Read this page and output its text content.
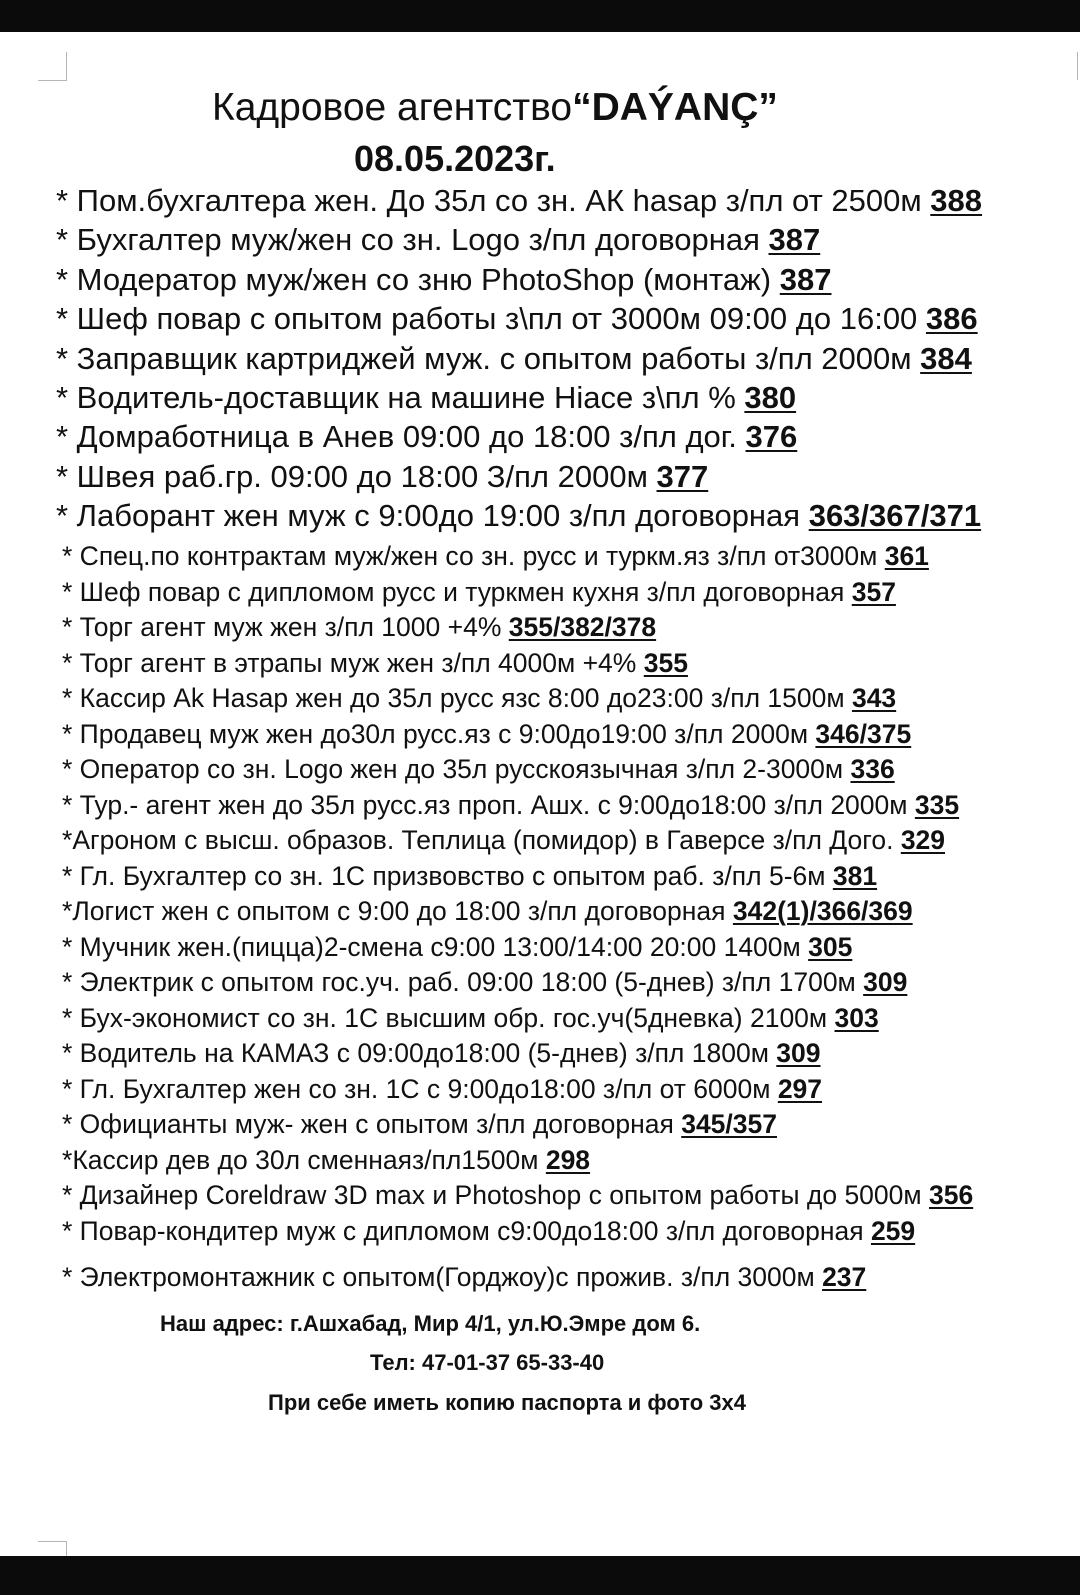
Кадровое агентство“DAÝANÇ”
08.05.2023г.
* Пом.бухгалтера жен. До 35л со зн. АК hasap з/пл от 2500м 388
* Бухгалтер муж/жен со зн. Logo з/пл договорная 387
* Модератор муж/жен со зню PhotoShop (монтаж) 387
* Шеф повар с опытом работы з\пл от 3000м 09:00 до 16:00 386
* Заправщик картриджей муж. с опытом работы з/пл 2000м 384
* Водитель-доставщик на машине Hiace з\пл % 380
* Домработница в Анев 09:00 до 18:00 з/пл дог. 376
* Швея раб.гр. 09:00 до 18:00 З/пл 2000м 377
* Лаборант жен муж с 9:00до 19:00 з/пл договорная 363/367/371
* Спец.по контрактам муж/жен со зн. русс и туркм.яз з/пл от3000м 361
* Шеф повар с дипломом русс и туркмен кухня з/пл договорная 357
* Торг агент муж жен з/пл 1000 +4% 355/382/378
* Торг агент в этрапы муж жен з/пл 4000м +4% 355
* Кассир Ak Hasap жен до 35л русс язс 8:00 до23:00 з/пл 1500м 343
* Продавец муж жен до30л русс.яз с 9:00до19:00 з/пл 2000м 346/375
* Оператор со зн. Logo жен до 35л русскоязычная з/пл 2-3000м 336
* Тур.- агент жен до 35л русс.яз проп. Ашх. с 9:00до18:00 з/пл 2000м 335
*Агроном с высш. образов. Теплица (помидор) в Гаверсе з/пл Дого. 329
* Гл. Бухгалтер со зн. 1С призвовство с опытом раб. з/пл 5-6м 381
*Логист жен с опытом с 9:00 до 18:00 з/пл договорная 342(1)/366/369
* Мучник жен.(пицца)2-смена с9:00 13:00/14:00 20:00 1400м 305
* Электрик с опытом гос.уч. раб. 09:00 18:00 (5-днев) з/пл 1700м 309
* Бух-экономист со зн. 1С высшим обр. гос.уч(5дневка) 2100м 303
* Водитель на КАМАЗ с 09:00до18:00 (5-днев) з/пл 1800м 309
* Гл. Бухгалтер жен со зн. 1С с 9:00до18:00 з/пл от 6000м 297
* Официанты муж- жен с опытом з/пл договорная 345/357
*Кассир дев до 30л сменнаяз/пл1500м 298
* Дизайнер Coreldraw 3D max и Photoshop с опытом работы до 5000м 356
* Повар-кондитер муж с дипломом с9:00до18:00 з/пл договорная 259
* Электромонтажник с опытом(Горджоу)с прожив. з/пл 3000м 237
Наш адрес: г.Ашхабад, Мир 4/1, ул.Ю.Эмре дом 6.
Тел: 47-01-37 65-33-40
При себе иметь копию паспорта и фото 3х4
